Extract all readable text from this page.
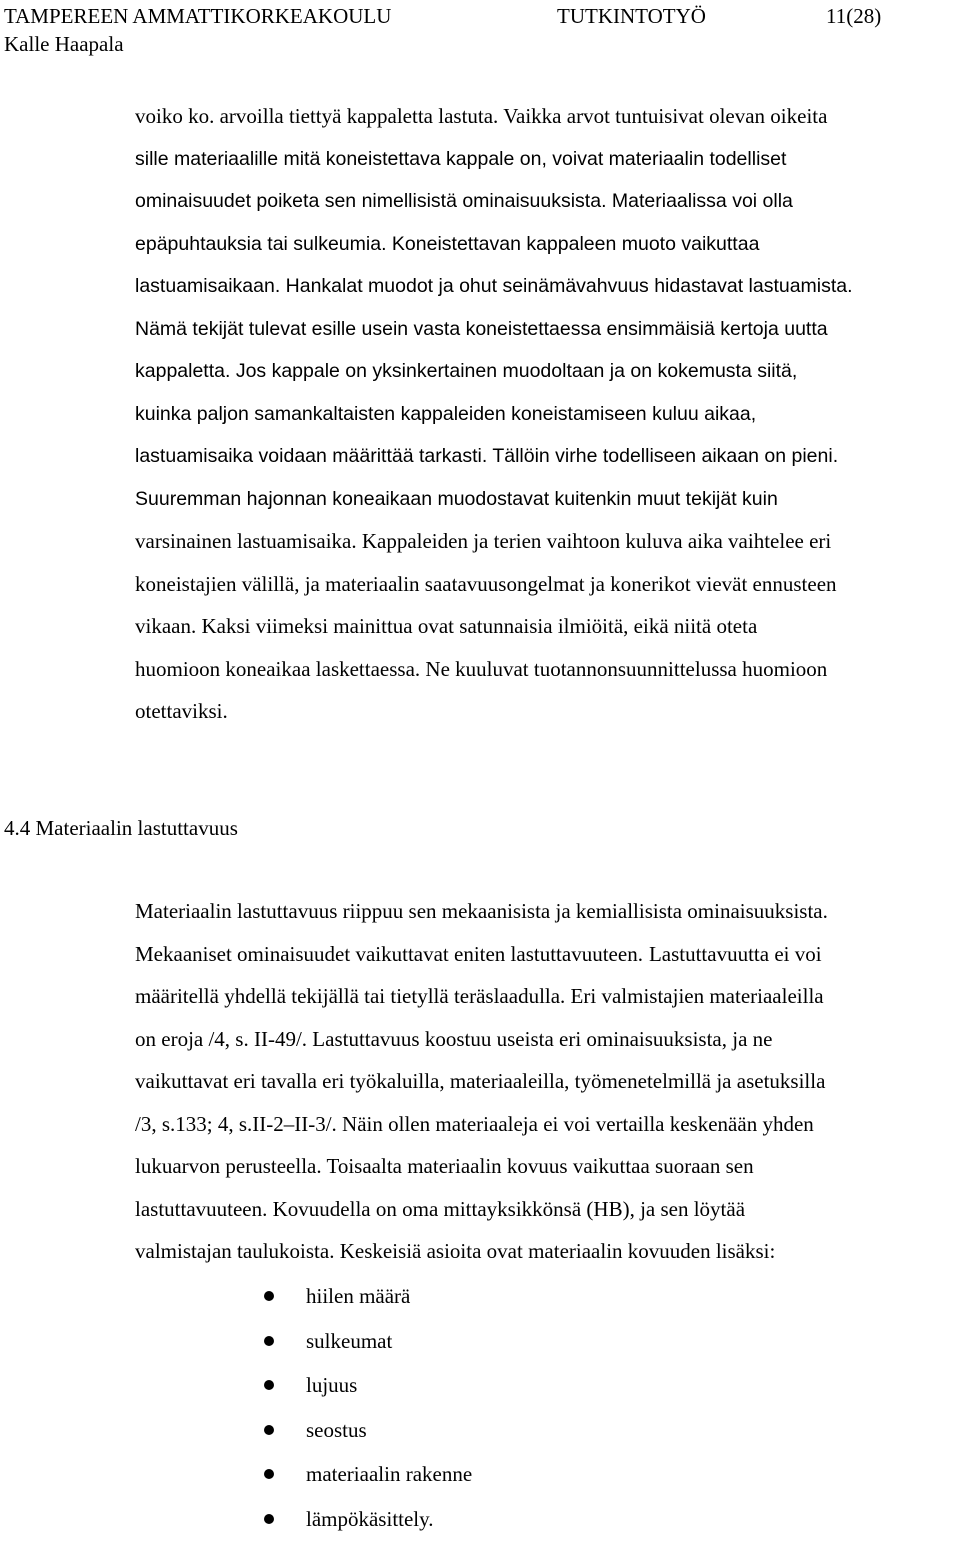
TAMPEREEN AMMATTIKORKEAKOULU	TUTKINTOTYÖ	11(28)
Kalle Haapala

voiko ko. arvoilla tiettyä kappaletta lastuta. Vaikka arvot tuntuisivat olevan oikeita
sille materiaalille mitä koneistettava kappale on, voivat materiaalin todelliset
ominaisuudet poiketa sen nimellisistä ominaisuuksista. Materiaalissa voi olla
epäpuhtauksia tai sulkeumia. Koneistettavan kappaleen muoto vaikuttaa
lastuamisaikaan. Hankalat muodot ja ohut seinämävahvuus hidastavat lastuamista.
Nämä tekijät tulevat esille usein vasta koneistettaessa ensimmäisiä kertoja uutta
kappaletta. Jos kappale on yksinkertainen muodoltaan ja on kokemusta siitä,
kuinka paljon samankaltaisten kappaleiden koneistamiseen kuluu aikaa,
lastuamisaika voidaan määrittää tarkasti. Tällöin virhe todelliseen aikaan on pieni.
Suuremman hajonnan koneaikaan muodostavat kuitenkin muut tekijät kuin
varsinainen lastuamisaika. Kappaleiden ja terien vaihtoon kuluva aika vaihtelee eri
koneistajien välillä, ja materiaalin saatavuusongelmat ja konerikot vievät ennusteen
vikaan. Kaksi viimeksi mainittua ovat satunnaisia ilmiöitä, eikä niitä oteta
huomioon koneaikaa laskettaessa. Ne kuuluvat tuotannonsuunnittelussa huomioon
otettaviksi.

4.4 Materiaalin lastuttavuus

Materiaalin lastuttavuus riippuu sen mekaanisista ja kemiallisista ominaisuuksista.
Mekaaniset ominaisuudet vaikuttavat eniten lastuttavuuteen. Lastuttavuutta ei voi
määritellä yhdellä tekijällä tai tietyllä teräslaadulla. Eri valmistajien materiaaleilla
on eroja /4, s. II-49/. Lastuttavuus koostuu useista eri ominaisuuksista, ja ne
vaikuttavat eri tavalla eri työkaluilla, materiaaleilla, työmenetelmillä ja asetuksilla
/3, s.133; 4, s.II-2–II-3/. Näin ollen materiaaleja ei voi vertailla keskenään yhden
lukuarvon perusteella. Toisaalta materiaalin kovuus vaikuttaa suoraan sen
lastuttavuuteen. Kovuudella on oma mittayksikkönsä (HB), ja sen löytää
valmistajan taulukoista. Keskeisiä asioita ovat materiaalin kovuuden lisäksi:

hiilen määrä
sulkeumat
lujuus
seostus
materiaalin rakenne
lämpökäsittely.
